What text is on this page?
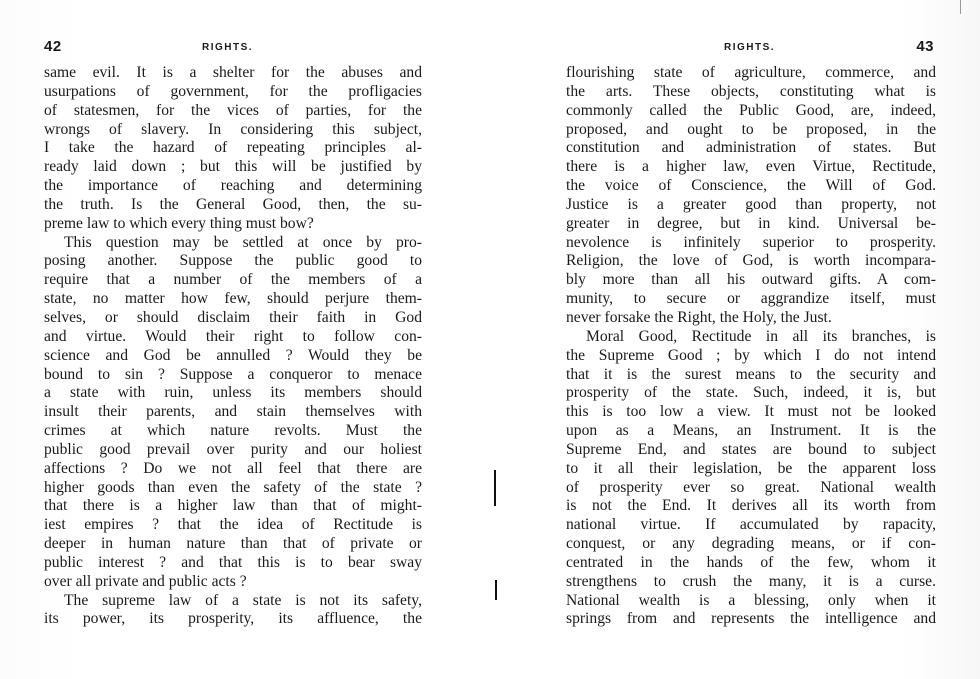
42	RIGHTS.
same evil. It is a shelter for the abuses and
usurpations of government, for the profligacies
of statesmen, for the vices of parties, for the
wrongs of slavery. In considering this subject,
I take the hazard of repeating principles al-
ready laid down ; but this will be justified by
the importance of reaching and determining
the truth. Is the General Good, then, the su-
preme law to which every thing must bow?
This question may be settled at once by pro-
posing another. Suppose the public good to
require that a number of the members of a
state, no matter how few, should perjure them-
selves, or should disclaim their faith in God
and virtue. Would their right to follow con-
science and God be annulled ? Would they be
bound to sin ? Suppose a conqueror to menace
a state with ruin, unless its members should
insult their parents, and stain themselves with
crimes at which nature revolts. Must the
public good prevail over purity and our holiest
affections ? Do we not all feel that there are
higher goods than even the safety of the state ?
that there is a higher law than that of might-
iest empires ? that the idea of Rectitude is
deeper in human nature than that of private or
public interest ? and that this is to bear sway
over all private and public acts ?
The supreme law of a state is not its safety,
its power, its prosperity, its affluence, the
RIGHTS.	43
flourishing state of agriculture, commerce, and
the arts. These objects, constituting what is
commonly called the Public Good, are, indeed,
proposed, and ought to be proposed, in the
constitution and administration of states. But
there is a higher law, even Virtue, Rectitude,
the voice of Conscience, the Will of God.
Justice is a greater good than property, not
greater in degree, but in kind. Universal be-
nevolence is infinitely superior to prosperity.
Religion, the love of God, is worth incompara-
bly more than all his outward gifts. A com-
munity, to secure or aggrandize itself, must
never forsake the Right, the Holy, the Just.
Moral Good, Rectitude in all its branches, is
the Supreme Good ; by which I do not intend
that it is the surest means to the security and
prosperity of the state. Such, indeed, it is, but
this is too low a view. It must not be looked
upon as a Means, an Instrument. It is the
Supreme End, and states are bound to subject
to it all their legislation, be the apparent loss
of prosperity ever so great. National wealth
is not the End. It derives all its worth from
national virtue. If accumulated by rapacity,
conquest, or any degrading means, or if con-
centrated in the hands of the few, whom it
strengthens to crush the many, it is a curse.
National wealth is a blessing, only when it
springs from and represents the intelligence and
